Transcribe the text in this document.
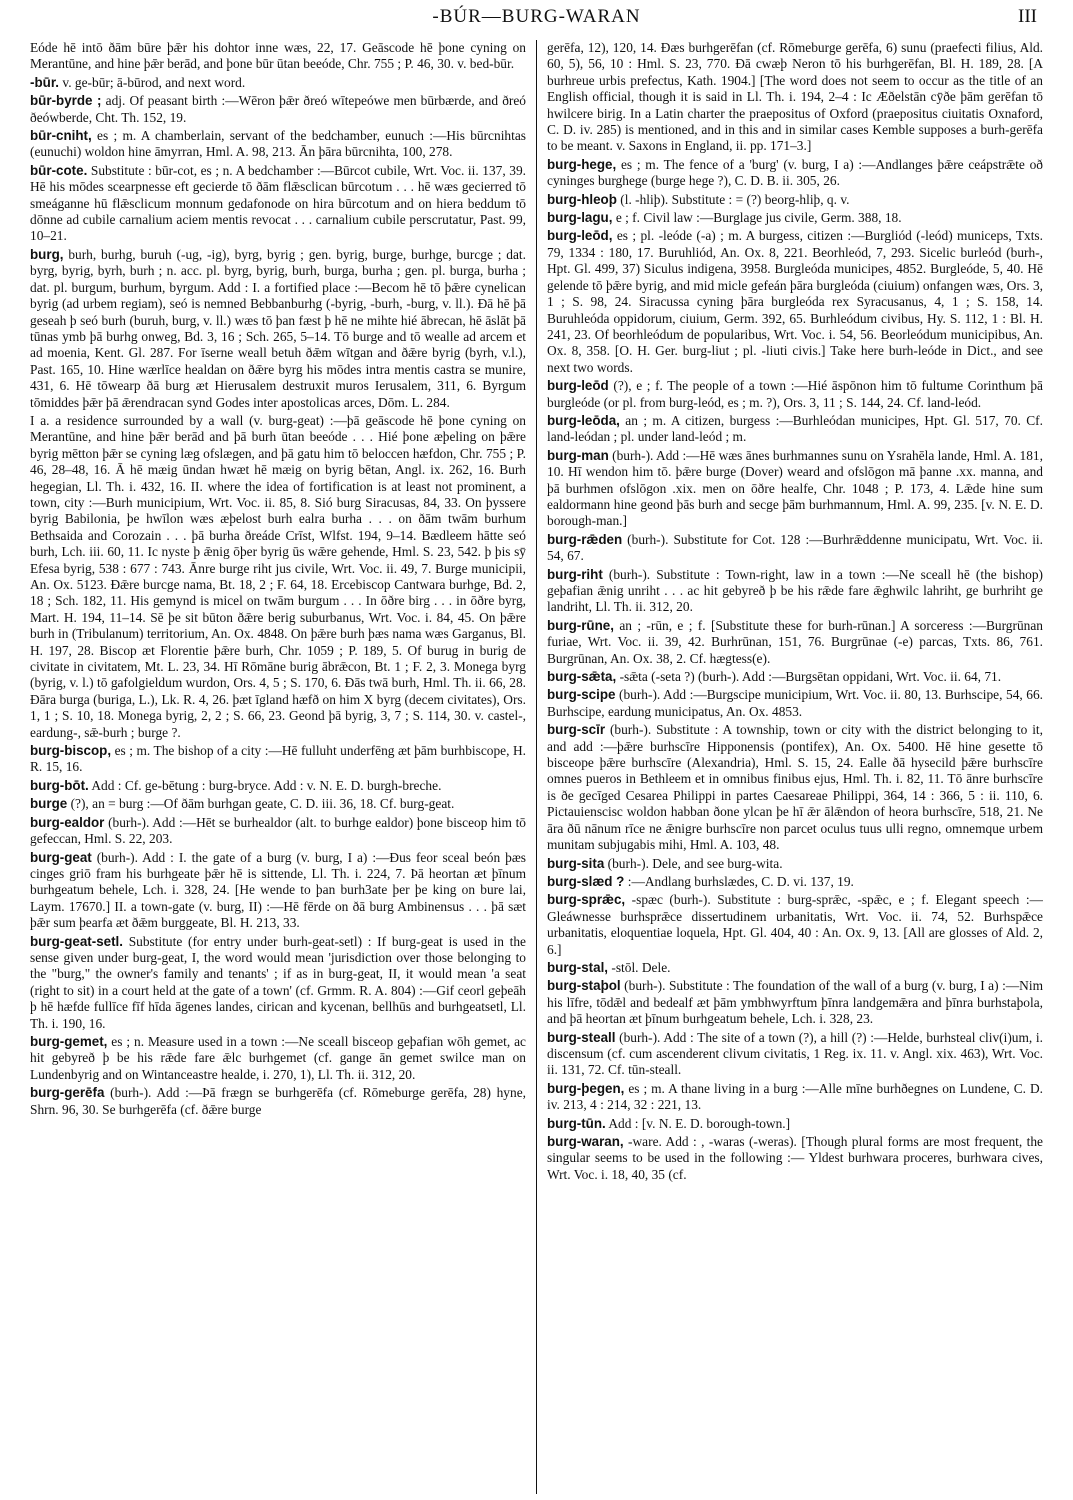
-BÚR—BURG-WARAN	III

Eóde hē intō ðām būre þǣr his dohtor inne wæs, 22, 17. Geāscode hē þone cyning on Merantūne, and hine þǣr berād, and þone būr ūtan beeóde, Chr. 755 ; P. 46, 30. v. bed-būr.

-būr. v. ge-būr; ā-būrod, and next word.

būr-byrde ; adj. Of peasant birth :—Wēron þǣr ðreó wītepeówe men būrbærde, and ðreó ðeówberde, Cht. Th. 152, 19.

būr-cniht, es ; m. A chamberlain, servant of the bedchamber, eunuch :—His būrcnihtas (eunuchi) woldon hine āmyrran, Hml. A. 98, 213. Ān þāra būrcnihta, 100, 278.

būr-cote. Substitute : būr-cot, es ; n. A bedchamber :—Būrcot cubile, Wrt. Voc. ii. 137, 39. Hē his mōdes scearpnesse eft gecierde tō ðām flǣsclican būrcotum . . . hē wæs gecierred tō smeáganne hū flǣsclicum monnum gedafonode on hira būrcotum and on hiera beddum tō dōnne ad cubile carnalium aciem mentis revocat . . . carnalium cubile perscrutatur, Past. 99, 10–21.

burg, burh, burhg, buruh (-ug, -ig), byrg, byrig ; gen. byrig, burge, burhge, burcge ; dat. byrg, byrig, byrh, burh ; n. acc. pl. byrg, byrig, burh, burga, burha ; gen. pl. burga, burha ; dat. pl. burgum, burhum, byrgum. Add : I. a fortified place :—Becom hē tō þǣre cynelican byrig (ad urbem regiam), seó is nemned Bebbanburhg (-byrig, -burh, -burg, v. ll.). Ðā hē þā geseah þ seó burh (buruh, burg, v. ll.) wæs tō þan fæst þ hē ne mihte hié ābrecan, hē āslāt þā tūnas ymb þā burhg onweg, Bd. 3, 16 ; Sch. 265, 5–14. Tō burge and tō wealle ad arcem et ad moenia, Kent. Gl. 287. For īserne weall betuh ðǣm wītgan and ðǣre byrig (byrh, v.l.), Past. 165, 10. Hine wærlīce healdan on ðǣre byrg his mōdes intra mentis castra se munire, 431, 6. Hē tōwearp ðā burg æt Hierusalem destruxit muros Ierusalem, 311, 6. Byrgum tōmiddes þǣr þā ǣrendracan synd Godes inter apostolicas arces, Dōm. L. 284.

I a. a residence surrounded by a wall (v. burg-geat) :—þā geāscode hē þone cyning on Merantūne, and hine þǣr berād and þā burh ūtan beeóde . . . Hié þone æþeling on þǣre byrig mētton þǣr se cyning læg ofslægen, and þā gatu him tō beloccen hæfdon, Chr. 755 ; P. 46, 28–48, 16. Ā hē mæig ūndan hwæt hē mæig on byrig bētan, Angl. ix. 262, 16. Burh hegegian, Ll. Th. i. 432, 16. II. where the idea of fortification is at least not prominent, a town, city :—Burh municipium, Wrt. Voc. ii. 85, 8. Sió burg Siracusas, 84, 33. On þyssere byrig Babilonia, þe hwīlon wæs æþelost burh ealra burha . . . on ðām twām burhum Bethsaida and Corozain . . . þā burha ðreáde Crīst, Wlfst. 194, 9–14. Bædleem hātte seó burh, Lch. iii. 60, 11. Ic nyste þ ǣnig ōþer byrig ūs wǣre gehende, Hml. S. 23, 542. þ þis sȳ Efesa byrig, 538 : 677 : 743. Ānre burge riht jus civile, Wrt. Voc. ii. 49, 7. Burge municipii, An. Ox. 5123. Ðǣre burcge nama, Bt. 18, 2 ; F. 64, 18. Ercebiscop Cantwara burhge, Bd. 2, 18 ; Sch. 182, 11. His gemynd is micel on twām burgum . . . In ōðre birg . . . in ōðre byrg, Mart. H. 194, 11–14. Sē þe sit būton ðǣre berig suburbanus, Wrt. Voc. i. 84, 45. On þǣre burh in (Tribulanum) territorium, An. Ox. 4848. On þǣre burh þæs nama wæs Garganus, Bl. H. 197, 28. Biscop æt Florentie þǣre burh, Chr. 1059 ; P. 189, 5. Of burug in burig de civitate in civitatem, Mt. L. 23, 34. Hī Rōmāne burig ābrǣcon, Bt. 1 ; F. 2, 3. Monega byrg (byrig, v. l.) tō gafolgieldum wurdon, Ors. 4, 5 ; S. 170, 6. Ðās twā burh, Hml. Th. ii. 66, 28. Ðāra burga (buriga, L.), Lk. R. 4, 26. þæt īgland hæfð on him X byrg (decem civitates), Ors. 1, 1 ; S. 10, 18. Monega byrig, 2, 2 ; S. 66, 23. Geond þā byrig, 3, 7 ; S. 114, 30. v. castel-, eardung-, sǣ-burh ; burge ?.

burg-biscop, es ; m. The bishop of a city :—Hē fulluht underfēng æt þām burhbiscope, H. R. 15, 16.

burg-bōt. Add : Cf. ge-bētung : burg-bryce. Add : v. N. E. D. burgh-breche.

burge (?), an = burg :—Of ðām burhgan geate, C. D. iii. 36, 18. Cf. burg-geat.

burg-ealdor (burh-). Add :—Hēt se burhealdor (alt. to burhge ealdor) þone bisceop him tō gefeccan, Hml. S. 22, 203.

burg-geat (burh-). Add : I. the gate of a burg (v. burg, I a) :—Ðus feor sceal beón þæs cinges griō fram his burhgeate þǣr hē is sittende, Ll. Th. i. 224, 7. Þā heortan æt þīnum burhgeatum behele, Lch. i. 328, 24. [He wende to þan burh3ate þer þe king on bure lai, Laym. 17670.] II. a town-gate (v. burg, II) :—Hē fērde on ðā burg Ambinensus . . . þā sæt þǣr sum þearfa æt ðǣm burggeate, Bl. H. 213, 33.

burg-geat-setl. Substitute (for entry under burh-geat-setl) : If burg-geat is used in the sense given under burg-geat, I, the word would mean 'jurisdiction over those belonging to the "burg," the owner's family and tenants' ; if as in burg-geat, II, it would mean 'a seat (right to sit) in a court held at the gate of a town' (cf. Grmm. R. A. 804) :—Gif ceorl geþeāh þ hē hæfde fullīce fīf hīda āgenes landes, cirican and kycenan, bellhūs and burhgeatsetl, Ll. Th. i. 190, 16.

burg-gemet, es ; n. Measure used in a town :—Ne sceall bisceop geþafian wōh gemet, ac hit gebyreð þ be his rǣde fare ǣlc burhgemet (cf. gange ān gemet swilce man on Lundenbyrig and on Wintanceastre healde, i. 270, 1), Ll. Th. ii. 312, 20.

burg-gerēfa (burh-). Add :—Þā frægn se burhgerēfa (cf. Rōmeburge gerēfa, 28) hyne, Shrn. 96, 30. Se burhgerēfa (cf. ðǣre burge

gerēfa, 12), 120, 14. Ðæs burhgerēfan (cf. Rōmeburge gerēfa, 6) sunu (praefecti filius, Ald. 60, 5), 56, 10 : Hml. S. 23, 770. Ðā cwæþ Neron tō his burhgerēfan, Bl. H. 189, 28. [A burhreue urbis prefectus, Kath. 1904.] [The word does not seem to occur as the title of an English official, though it is said in Ll. Th. i. 194, 2–4 : Ic Æðelstān cȳðe þām gerēfan tō hwilcere birig. In a Latin charter the praepositus of Oxford (praepositus ciuitatis Oxnaford, C. D. iv. 285) is mentioned, and in this and in similar cases Kemble supposes a burh-gerēfa to be meant. v. Saxons in England, ii. pp. 171–3.]

burg-hege, es ; m. The fence of a 'burg' (v. burg, I a) :—Andlanges þǣre ceápstrǣte oð cyninges burghege (burge hege ?), C. D. B. ii. 305, 26.

burg-hleoþ (l. -hliþ). Substitute : = (?) beorg-hliþ, q. v.

burg-lagu, e ; f. Civil law :—Burglage jus civile, Germ. 388, 18.

burg-leōd, es ; pl. -leóde (-a) ; m. A burgess, citizen :—Burgliód (-leód) municeps, Txts. 79, 1334 : 180, 17. Buruhliód, An. Ox. 8, 221. Beorhleód, 7, 293. Sicelic burleód (burh-, Hpt. Gl. 499, 37) Siculus indigena, 3958. Burgleóda municipes, 4852. Burgleóde, 5, 40. Hē gelende tō þǣre byrig, and mid micle gefeán þāra burgleóda (ciuium) onfangen wæs, Ors. 3, 1 ; S. 98, 24. Siracussa cyning þāra burgleóda rex Syracusanus, 4, 1 ; S. 158, 14. Buruhleóda oppidorum, ciuium, Germ. 392, 65. Burhleódum civibus, Hy. S. 112, 1 : Bl. H. 241, 23. Of beorhleódum de popularibus, Wrt. Voc. i. 54, 56. Beorleódum municipibus, An. Ox. 8, 358. [O. H. Ger. burg-liut ; pl. -liuti civis.] Take here burh-leóde in Dict., and see next two words.

burg-leōd (?), e ; f. The people of a town :—Hié āspōnon him tō fultume Corinthum þā burgleóde (or pl. from burg-leód, es ; m. ?), Ors. 3, 11 ; S. 144, 24. Cf. land-leód.

burg-leōda, an ; m. A citizen, burgess :—Burhleódan municipes, Hpt. Gl. 517, 70. Cf. land-leódan ; pl. under land-leód ; m.

burg-man (burh-). Add :—Hē wæs ānes burhmannes sunu on Ysrahēla lande, Hml. A. 181, 10. Hī wendon him tō. þǣre burge (Dover) weard and ofslōgon mā þanne .xx. manna, and þā burhmen ofslōgon .xix. men on ōðre healfe, Chr. 1048 ; P. 173, 4. Lǣde hine sum ealdormann hine geond þās burh and secge þām burhmannum, Hml. A. 99, 235. [v. N. E. D. borough-man.]

burg-rǣden (burh-). Substitute for Cot. 128 :—Burhrǣddenne municipatu, Wrt. Voc. ii. 54, 67.

burg-riht (burh-). Substitute : Town-right, law in a town :—Ne sceall hē (the bishop) geþafian ǣnig unriht . . . ac hit gebyreð þ be his rǣde fare ǣghwilc lahriht, ge burhriht ge landriht, Ll. Th. ii. 312, 20.

burg-rūne, an ; -rūn, e ; f. [Substitute these for burh-rūnan.] A sorceress :—Burgrūnan furiae, Wrt. Voc. ii. 39, 42. Burhrūnan, 151, 76. Burgrūnae (-e) parcas, Txts. 86, 761. Burgrūnan, An. Ox. 38, 2. Cf. hægtess(e).

burg-sǣta, -sǣta (-seta ?) (burh-). Add :—Burgsētan oppidani, Wrt. Voc. ii. 64, 71.

burg-scipe (burh-). Add :—Burgscipe municipium, Wrt. Voc. ii. 80, 13. Burhscipe, 54, 66. Burhscipe, eardung municipatus, An. Ox. 4853.

burg-scīr (burh-). Substitute : A township, town or city with the district belonging to it, and add :—þǣre burhscīre Hipponensis (pontifex), An. Ox. 5400. Hē hine gesette tō bisceope þǣre burhscīre (Alexandria), Hml. S. 15, 24. Ealle ðā hysecild þǣre burhscīre omnes pueros in Bethleem et in omnibus finibus ejus, Hml. Th. i. 82, 11. Tō ānre burhscīre is ðe gecīged Cesarea Philippi in partes Caesareae Philippi, 364, 14 : 366, 5 : ii. 110, 6. Pictauienscisc woldon habban ðone ylcan þe hī ǣr ālǣndon of heora burhscīre, 518, 21. Ne āra ðū nānum rīce ne ǣnigre burhscīre non parcet oculus tuus ulli regno, omnemque urbem munitam subjugabis mihi, Hml. A. 103, 48.

burg-sita (burh-). Dele, and see burg-wita.

burg-slæd ? :—Andlang burhslædes, C. D. vi. 137, 19.

burg-sprǣc, -spæc (burh-). Substitute : burg-sprǣc, -spǣc, e ; f. Elegant speech :—Gleáwnesse burhsprǣce dissertudinem urbanitatis, Wrt. Voc. ii. 74, 52. Burhspǣce urbanitatis, eloquentiae loquela, Hpt. Gl. 404, 40 : An. Ox. 9, 13. [All are glosses of Ald. 2, 6.]

burg-stal, -stōl. Dele.

burg-staþol (burh-). Substitute : The foundation of the wall of a burg (v. burg, I a) :—Nim his līfre, tōdǣl and bedealf æt þām ymbhwyrftum þīnra landgemǣra and þīnra burhstaþola, and þā heortan æt þīnum burhgeatum behele, Lch. i. 328, 23.

burg-steall (burh-). Add : The site of a town (?), a hill (?) :—Helde, burhsteal cliv(i)um, i. discensum (cf. cum ascenderent clivum civitatis, 1 Reg. ix. 11. v. Angl. xix. 463), Wrt. Voc. ii. 131, 72. Cf. tūn-steall.

burg-þegen, es ; m. A thane living in a burg :—Alle mīne burhðegnes on Lundene, C. D. iv. 213, 4 : 214, 32 : 221, 13.

burg-tūn. Add : [v. N. E. D. borough-town.]

burg-waran, -ware. Add : , -waras (-weras). [Though plural forms are most frequent, the singular seems to be used in the following :— Yldest burhwara proceres, burhwara cives, Wrt. Voc. i. 18, 40, 35 (cf.
